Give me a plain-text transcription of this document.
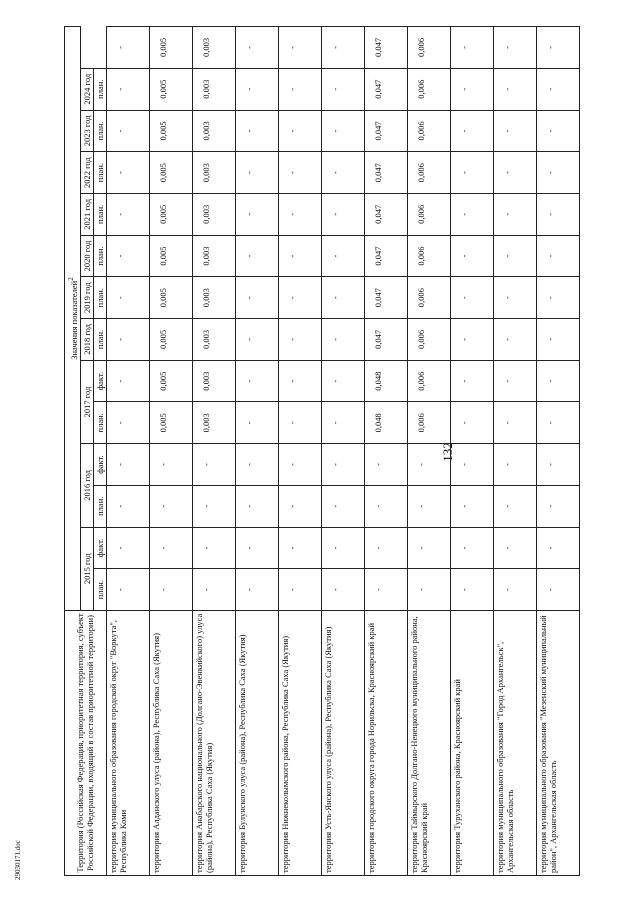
132
29030171.doc	Территория (Российская Федерация, приоритетная территория, субъект Российской Федерации, входящий в состав приоритетной территории)	Значения показателей$^2$
	2015 год		2016 год		2017 год		2018 год	2019 год	2020 год	2021 год	2022 год	2023 год	2024 год	
	план.	факт.	план.	факт.	план.	факт.	план.	план.	план.	план.	план.	план.	план.	
территория муниципального образования городской округ "Воркута", Республика Коми	-	-	-	-	-	-	-	-	-	-	-	-	-	-
территория Алданского улуса (района), Республика Саха (Якутия)	-	-	-	-	0,005	0,005	0,005	0,005	0,005	0,005	0,005	0,005	0,005	0,005
территория Анабарского национального (Долгано-Эвенкийского) улуса (района), Республика Саха (Якутия)	-	-	-	-	0,003	0,003	0,003	0,003	0,003	0,003	0,003	0,003	0,003	0,003
территория Булунского улуса (района), Республика Саха (Якутия)	-	-	-	-	-	-	-	-	-	-	-	-	-	-
территория Нижнеколымского района, Республика Саха (Якутия)	-	-	-	-	-	-	-	-	-	-	-	-	-	-
территория Усть-Янского улуса (района), Республика Саха (Якутия)	-	-	-	-	-	-	-	-	-	-	-	-	-	-
территория городского округа города Норильска, Красноярский край	-	-	-	-	0,048	0,048	0,047	0,047	0,047	0,047	0,047	0,047	0,047	0,047
территория Таймырского Долгано-Ненецкого муниципального района, Красноярский край	-	-	-	-	0,006	0,006	0,006	0,006	0,006	0,006	0,006	0,006	0,006	0,006
территория Туруханского района, Красноярский край	-	-	-	-	-	-	-	-	-	-	-	-	-	-
территория муниципального образования "Город Архангельск", Архангельская область	-	-	-	-	-	-	-	-	-	-	-	-	-	-
территория муниципального образования "Мезенский муниципальный район", Архангельская область	-	-	-	-	-	-	-	-	-	-	-	-	-	-
